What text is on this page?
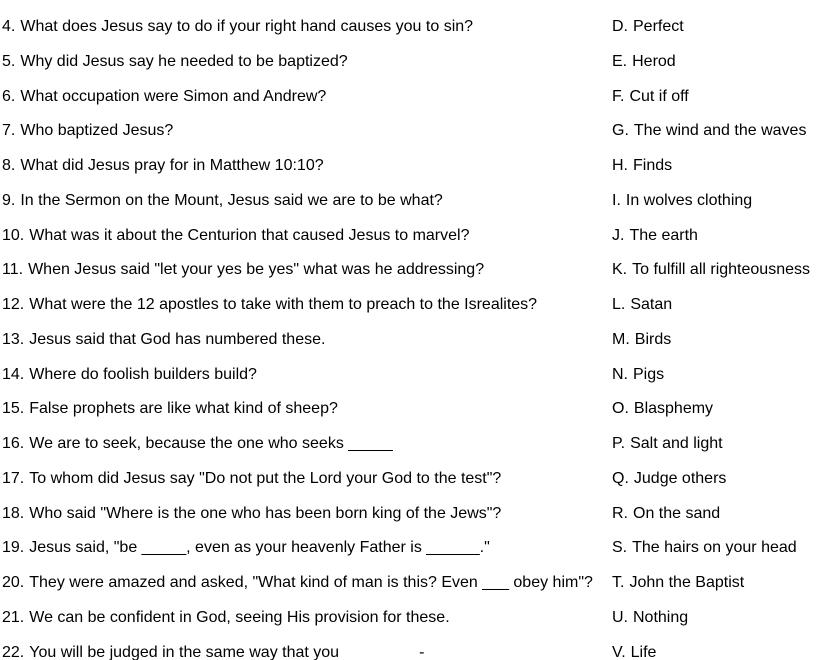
4. What does Jesus say to do if your right hand causes you to sin?	D. Perfect
5. Why did Jesus say he needed to be baptized?	E. Herod
6. What occupation were Simon and Andrew?	F. Cut if off
7. Who baptized Jesus?	G. The wind and the waves
8. What did Jesus pray for in Matthew 10:10?	H. Finds
9. In the Sermon on the Mount, Jesus said we are to be what?	I. In wolves clothing
10. What was it about the Centurion that caused Jesus to marvel?	J. The earth
11. When Jesus said "let your yes be yes" what was he addressing?	K. To fulfill all righteousness
12. What were the 12 apostles to take with them to preach to the Isrealites?	L. Satan
13. Jesus said that God has numbered these.	M. Birds
14. Where do foolish builders build?	N. Pigs
15. False prophets are like what kind of sheep?	O. Blasphemy
16. We are to seek, because the one who seeks _____	P. Salt and light
17. To whom did Jesus say "Do not put the Lord your God to the test"?	Q. Judge others
18. Who said "Where is the one who has been born king of the Jews"?	R. On the sand
19. Jesus said, "be _____, even as your heavenly Father is ______."	S. The hairs on your head
20. They were amazed and asked, "What kind of man is this? Even ___ obey him"?	T. John the Baptist
21. We can be confident in God, seeing His provision for these.	U. Nothing
22. You will be judged in the same way that you                  -	V. Life
